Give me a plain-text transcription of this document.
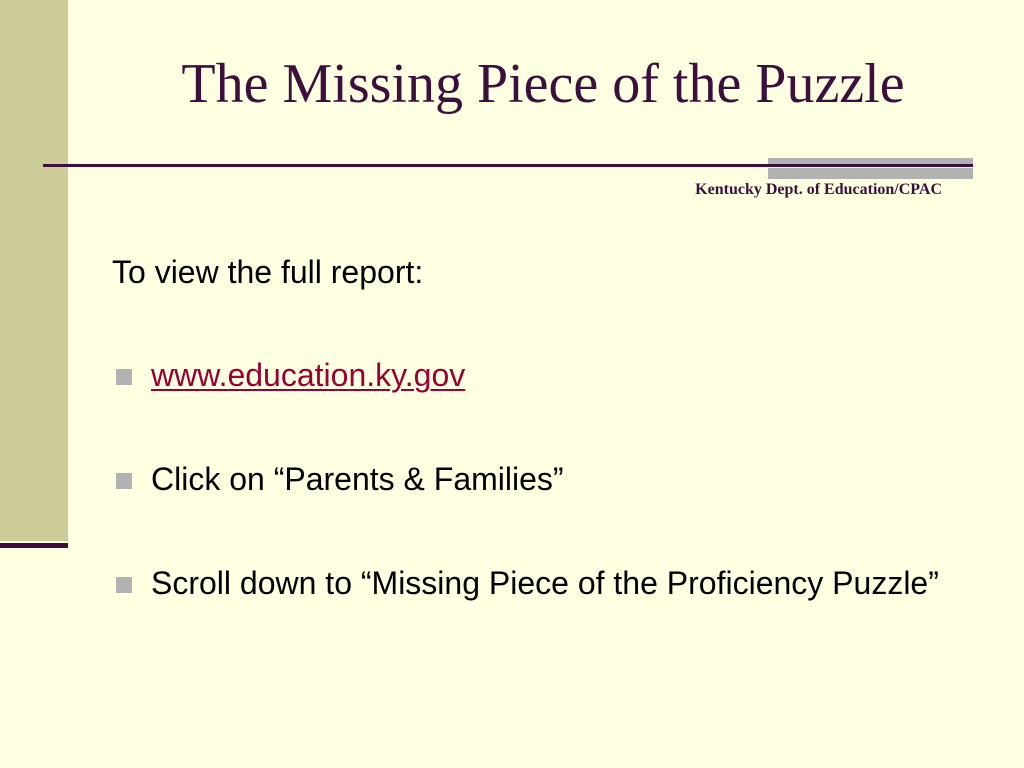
The Missing Piece of the Puzzle
Kentucky Dept. of Education/CPAC

To view the full report:

www.education.ky.gov
Click on “Parents & Families”
Scroll down to “Missing Piece of the Proficiency Puzzle”
